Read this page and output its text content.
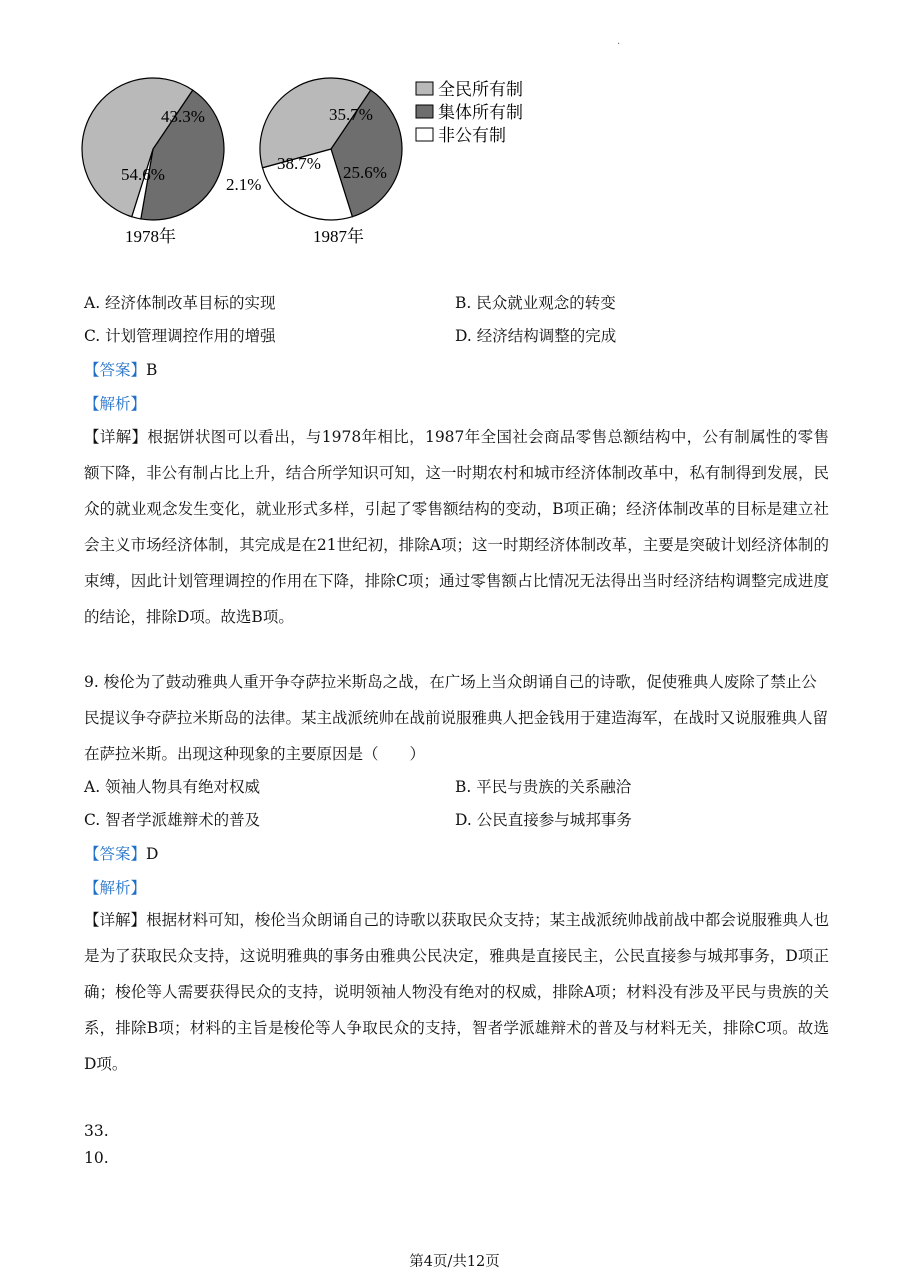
.
54.6%
43.3%
2.1%
1978年
38.7%
35.7%
25.6%
1987年
全民所有制
集体所有制
非公有制
A. 经济体制改革目标的实现	B. 民众就业观念的转变
C. 计划管理调控作用的增强	D. 经济结构调整的完成
【答案】B
【解析】
【详解】根据饼状图可以看出，与1978年相比，1987年全国社会商品零售总额结构中，公有制属性的零售额下降，非公有制占比上升，结合所学知识可知，这一时期农村和城市经济体制改革中，私有制得到发展，民众的就业观念发生变化，就业形式多样，引起了零售额结构的变动，B项正确；经济体制改革的目标是建立社会主义市场经济体制，其完成是在21世纪初，排除A项；这一时期经济体制改革，主要是突破计划经济体制的束缚，因此计划管理调控的作用在下降，排除C项；通过零售额占比情况无法得出当时经济结构调整完成进度的结论，排除D项。故选B项。
9. 梭伦为了鼓动雅典人重开争夺萨拉米斯岛之战，在广场上当众朗诵自己的诗歌，促使雅典人废除了禁止公民提议争夺萨拉米斯岛的法律。某主战派统帅在战前说服雅典人把金钱用于建造海军，在战时又说服雅典人留在萨拉米斯。出现这种现象的主要原因是（　　）
A. 领袖人物具有绝对权威	B. 平民与贵族的关系融洽
C. 智者学派雄辩术的普及	D. 公民直接参与城邦事务
【答案】D
【解析】
【详解】根据材料可知，梭伦当众朗诵自己的诗歌以获取民众支持；某主战派统帅战前战中都会说服雅典人也是为了获取民众支持，这说明雅典的事务由雅典公民决定，雅典是直接民主，公民直接参与城邦事务，D项正确；梭伦等人需要获得民众的支持，说明领袖人物没有绝对的权威，排除A项；材料没有涉及平民与贵族的关系，排除B项；材料的主旨是梭伦等人争取民众的支持，智者学派雄辩术的普及与材料无关，排除C项。故选D项。
33.
10.
第4页/共12页
